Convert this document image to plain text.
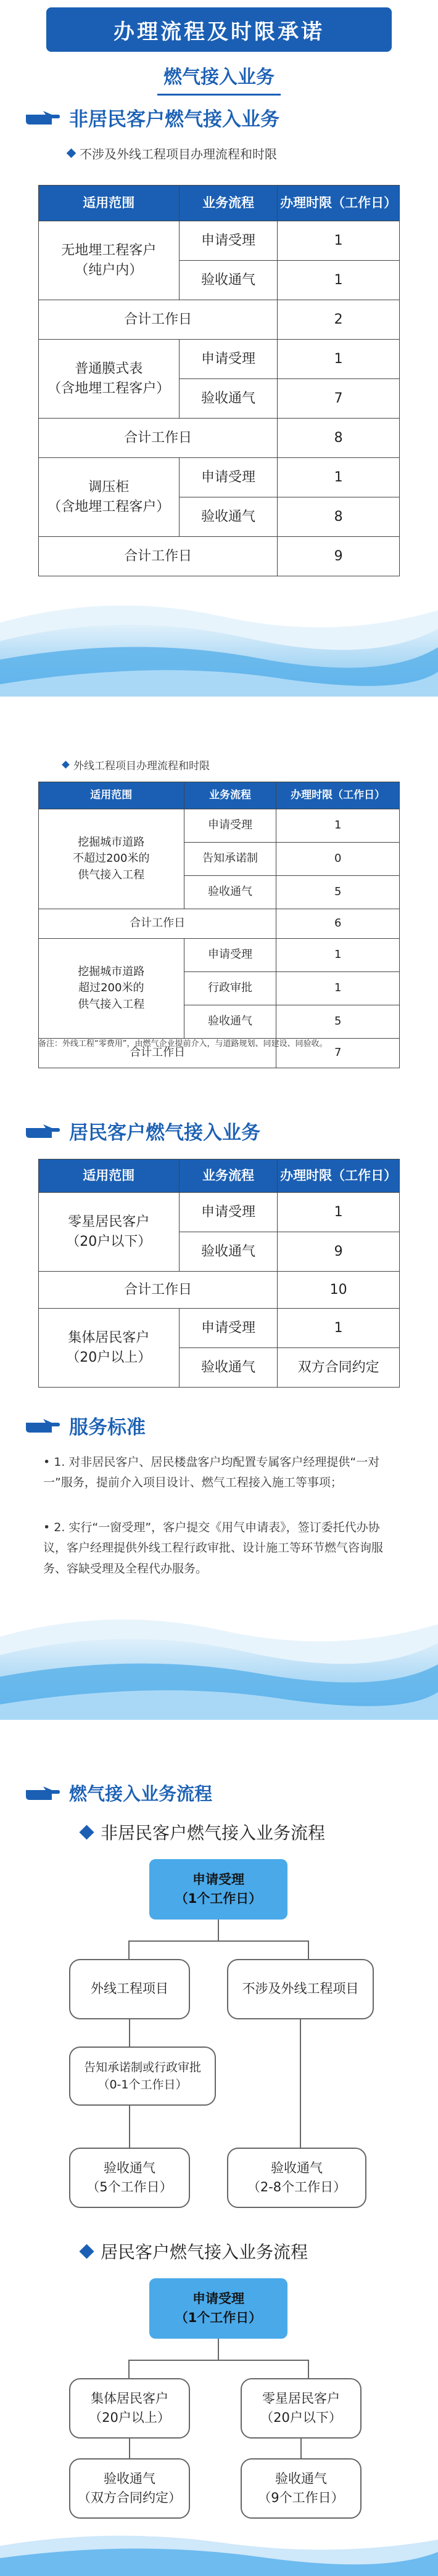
办理流程及时限承诺
燃气接入业务
非居民客户燃气接入业务
不涉及外线工程项目办理流程和时限
适用范围	业务流程	办理时限（工作日）
无地埋工程客户
（纯户内）	申请受理	1
	验收通气	1
合计工作日		2
普通膜式表
（含地埋工程客户）	申请受理	1
	验收通气	7
合计工作日		8
调压柜
（含地埋工程客户）	申请受理	1
	验收通气	8
合计工作日		9
外线工程项目办理流程和时限
适用范围	业务流程	办理时限（工作日）
挖掘城市道路
不超过200米的
供气接入工程	申请受理	1
	告知承诺制	0
	验收通气	5
合计工作日		6
挖掘城市道路
超过200米的
供气接入工程	申请受理	1
	行政审批	1
	验收通气	5
合计工作日		7
备注：外线工程“零费用”，由燃气企业提前介入，与道路规划、同建设、同验收。
居民客户燃气接入业务
适用范围	业务流程	办理时限（工作日）
零星居民客户
（20户以下）	申请受理	1
	验收通气	9
合计工作日		10
集体居民客户
（20户以上）	申请受理	1
	验收通气	双方合同约定
服务标准
• 1. 对非居民客户、居民楼盘客户均配置专属客户经理提供“一对一”服务，提前介入项目设计、燃气工程接入施工等事项；
• 2. 实行“一窗受理”，客户提交《用气申请表》，签订委托代办协议，客户经理提供外线工程行政审批、设计施工等环节燃气咨询服务、容缺受理及全程代办服务。
燃气接入业务流程
非居民客户燃气接入业务流程
申请受理
（1个工作日）
外线工程项目	不涉及外线工程项目
告知承诺制或行政审批
（0-1个工作日）
验收通气
（5个工作日）
验收通气
（2-8个工作日）
居民客户燃气接入业务流程
申请受理
（1个工作日）
集体居民客户
（20户以上）
零星居民客户
（20户以下）
验收通气
（双方合同约定）
验收通气
（9个工作日）
